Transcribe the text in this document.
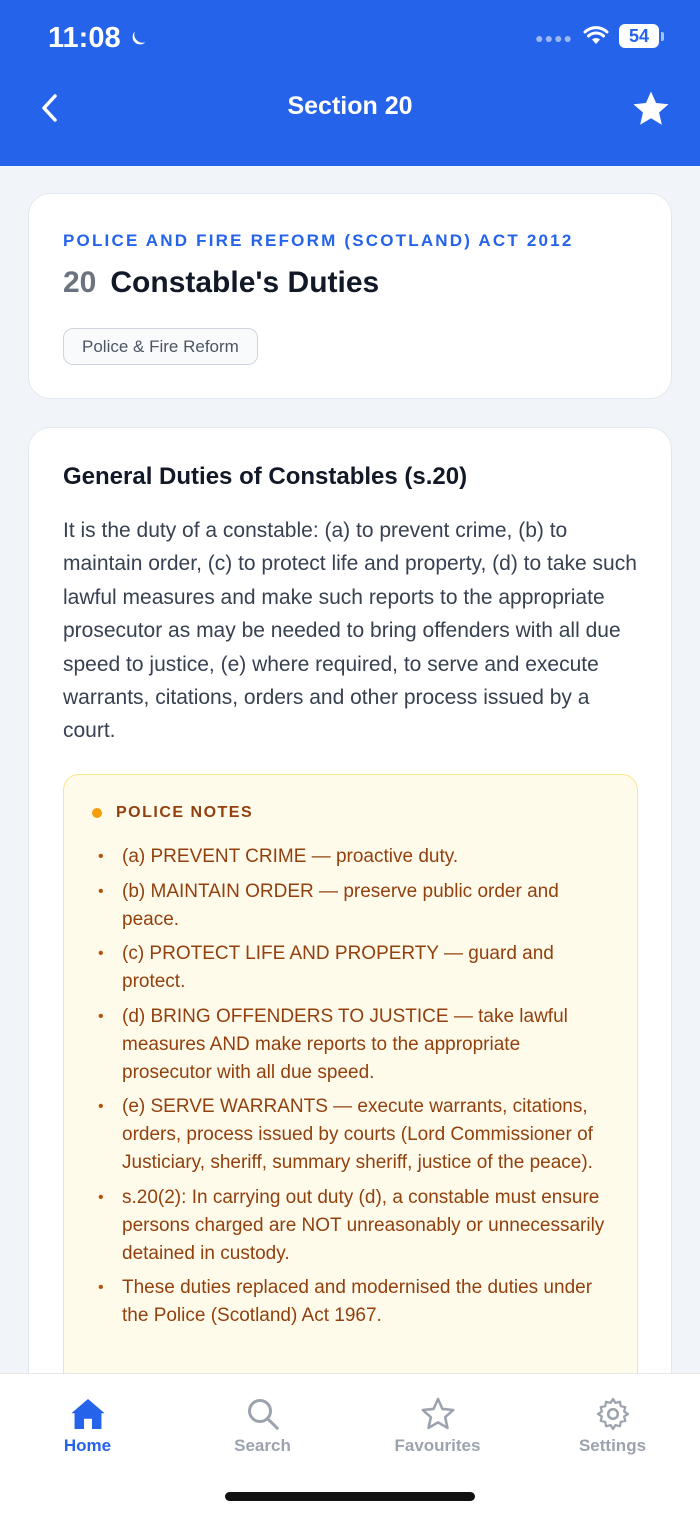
11:08	●●●●	54
Section 20
POLICE AND FIRE REFORM (SCOTLAND) ACT 2012
20 Constable's Duties
Police & Fire Reform
General Duties of Constables (s.20)
It is the duty of a constable: (a) to prevent crime, (b) to maintain order, (c) to protect life and property, (d) to take such lawful measures and make such reports to the appropriate prosecutor as may be needed to bring offenders with all due speed to justice, (e) where required, to serve and execute warrants, citations, orders and other process issued by a court.
POLICE NOTES
• (a) PREVENT CRIME — proactive duty.
• (b) MAINTAIN ORDER — preserve public order and peace.
• (c) PROTECT LIFE AND PROPERTY — guard and protect.
• (d) BRING OFFENDERS TO JUSTICE — take lawful measures AND make reports to the appropriate prosecutor with all due speed.
• (e) SERVE WARRANTS — execute warrants, citations, orders, process issued by courts (Lord Commissioner of Justiciary, sheriff, summary sheriff, justice of the peace).
• s.20(2): In carrying out duty (d), a constable must ensure persons charged are NOT unreasonably or unnecessarily detained in custody.
• These duties replaced and modernised the duties under the Police (Scotland) Act 1967.
Home	Search	Favourites	Settings
